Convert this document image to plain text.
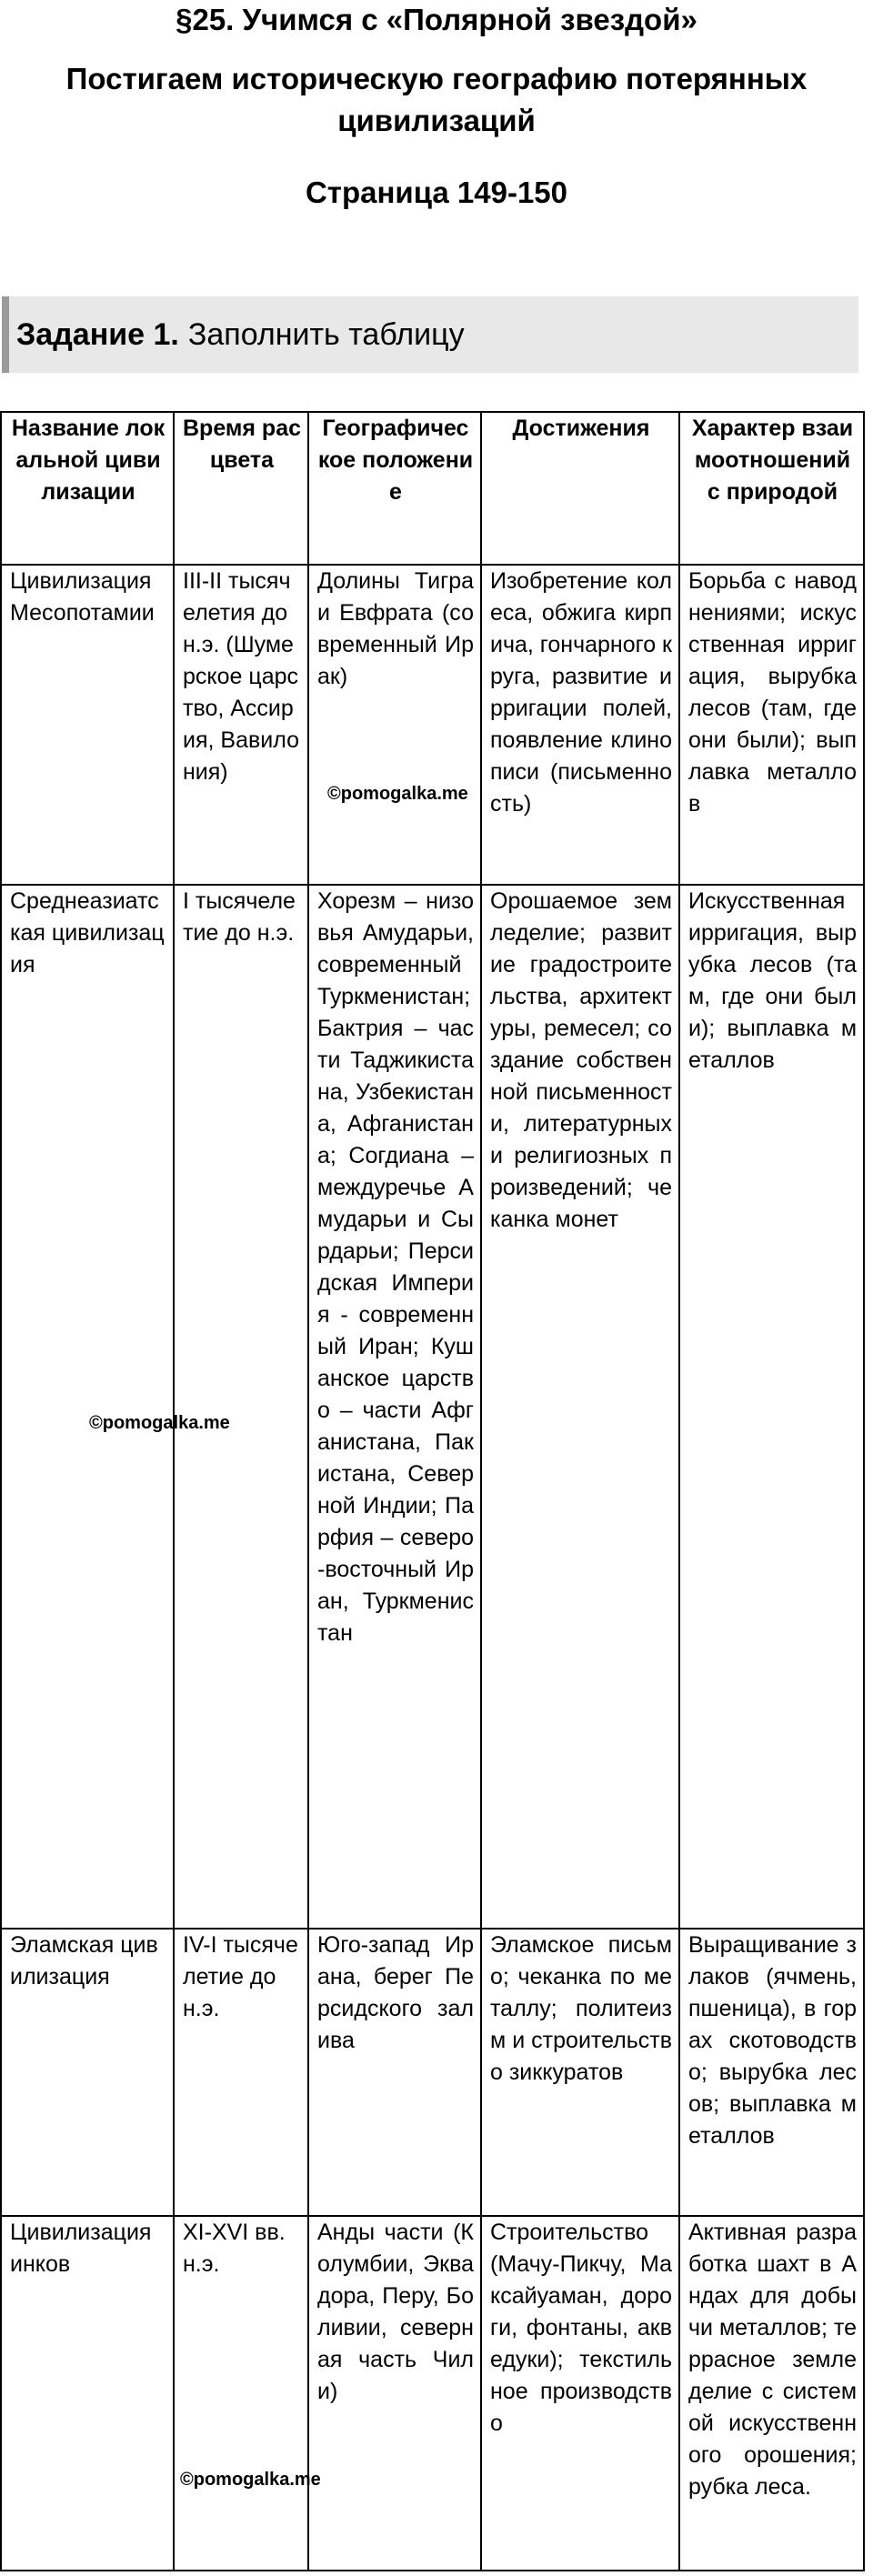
§25. Учимся с «Полярной звездой»
Постигаем историческую географию потерянных цивилизаций
Страница 149-150
Задание 1. Заполнить таблицу
Название локальной цивилизации	Время расцвета	Географическое положение	Достижения	Характер взаимоотношений с природой
Цивилизация Месопотамии	III-II тысячелетия до н.э. (Шумерское царство, Ассирия, Вавилония)	Долины Тигра и Евфрата (современный Ирак)	Изобретение колеса, обжига кирпича, гончарного круга, развитие ирригации полей, появление клинописи (письменность)	Борьба с наводнениями; искусственная ирригация, вырубка лесов (там, где они были); выплавка металлов
Среднеазиатская цивилизация	I тысячелетие до н.э.	Хорезм – низовья Амударьи, современный Туркменистан; Бактрия – части Таджикистана, Узбекистана, Афганистана; Согдиана – междуречье Амударьи и Сырдарьи; Персидская Империя - современный Иран; Кушанское царство – части Афганистана, Пакистана, Северной Индии; Парфия – северо-восточный Иран, Туркменистан	Орошаемое земледелие; развитие градостроительства, архитектуры, ремесел; создание собственной письменности, литературных и религиозных произведений; чеканка монет	Искусственная ирригация, вырубка лесов (там, где они были); выплавка металлов
Эламская цивилизация	IV-I тысячелетие до н.э.	Юго-запад Ирана, берег Персидского залива	Эламское письмо; чеканка по металлу; политеизм и строительство зиккуратов	Выращивание злаков (ячмень, пшеница), в горах скотоводство; вырубка лесов; выплавка металлов
Цивилизация инков	XI-XVI вв. н.э.	Анды части (Колумбии, Эквадора, Перу, Боливии, северная часть Чили)	Строительство (Мачу-Пикчу, Максайуаман, дороги, фонтаны, акведуки); текстильное производство	Активная разработка шахт в Андах для добычи металлов; террасное земледелие с системой искусственного орошения; рубка леса.
©pomogalka.me
©pomogalka.me
©pomogalka.me
